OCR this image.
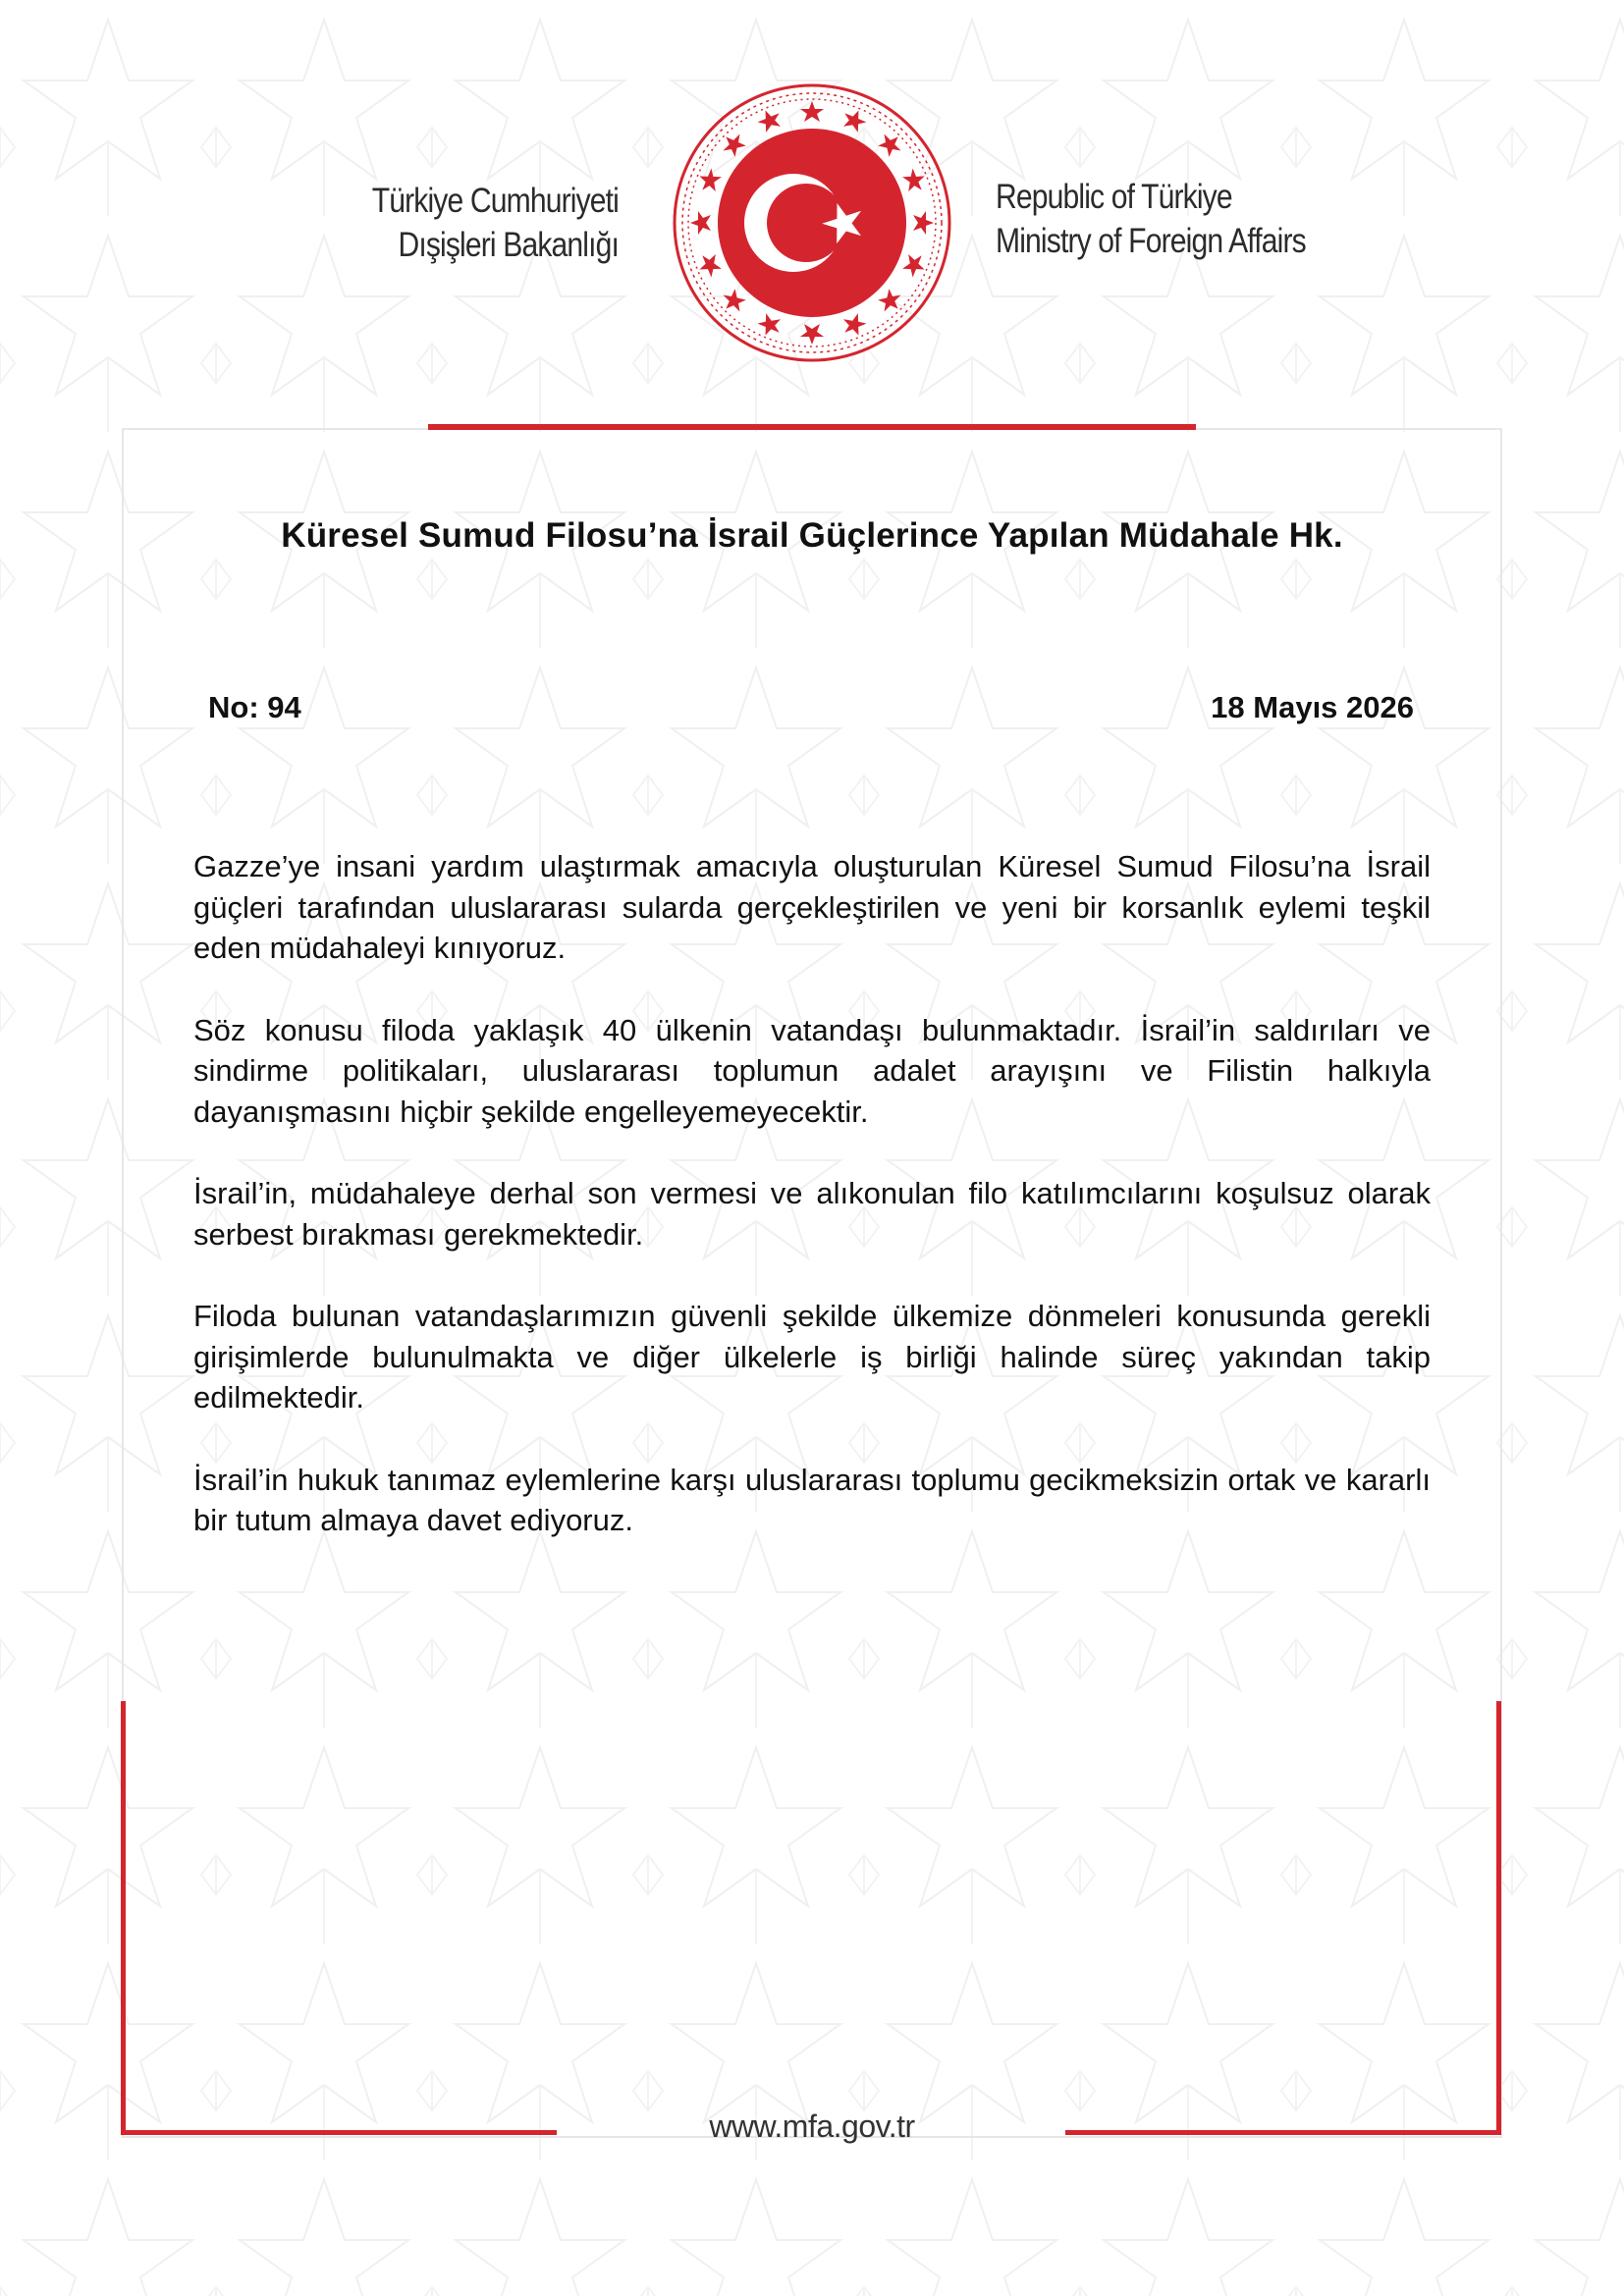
Türkiye Cumhuriyeti
Dışişleri Bakanlığı
Republic of Türkiye
Ministry of Foreign Affairs
Küresel Sumud Filosu’na İsrail Güçlerince Yapılan Müdahale Hk.
No: 94	18 Mayıs 2026

Gazze’ye insani yardım ulaştırmak amacıyla oluşturulan Küresel Sumud Filosu’na İsrail güçleri tarafından uluslararası sularda gerçekleştirilen ve yeni bir korsanlık eylemi teşkil eden müdahaleyi kınıyoruz.

Söz konusu filoda yaklaşık 40 ülkenin vatandaşı bulunmaktadır. İsrail’in saldırıları ve sindirme politikaları, uluslararası toplumun adalet arayışını ve Filistin halkıyla dayanışmasını hiçbir şekilde engelleyemeyecektir.

İsrail’in, müdahaleye derhal son vermesi ve alıkonulan filo katılımcılarını koşulsuz olarak serbest bırakması gerekmektedir.

Filoda bulunan vatandaşlarımızın güvenli şekilde ülkemize dönmeleri konusunda gerekli girişimlerde bulunulmakta ve diğer ülkelerle iş birliği halinde süreç yakından takip edilmektedir.

İsrail’in hukuk tanımaz eylemlerine karşı uluslararası toplumu gecikmeksizin ortak ve kararlı bir tutum almaya davet ediyoruz.

www.mfa.gov.tr
